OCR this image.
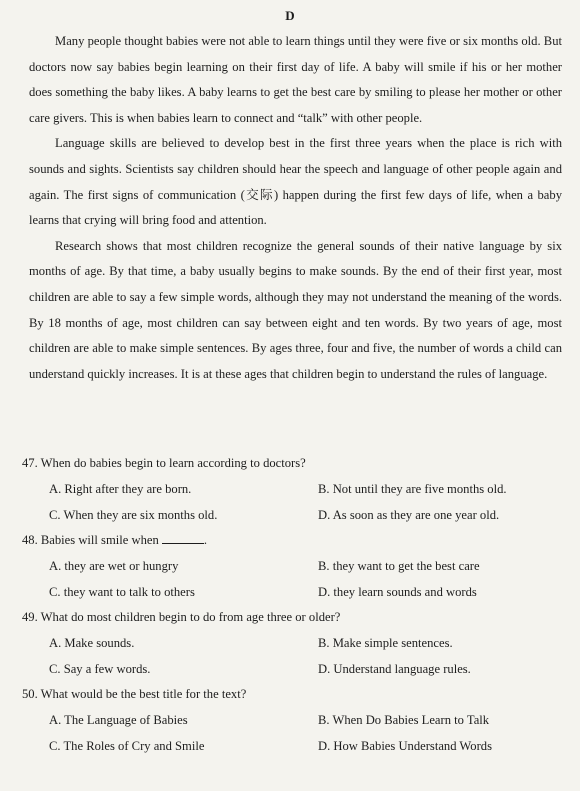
D

Many people thought babies were not able to learn things until they were five or six months old. But doctors now say babies begin learning on their first day of life. A baby will smile if his or her mother does something the baby likes. A baby learns to get the best care by smiling to please her mother or other care givers. This is when babies learn to connect and “talk” with other people.

Language skills are believed to develop best in the first three years when the place is rich with sounds and sights. Scientists say children should hear the speech and language of other people again and again. The first signs of communication (交际) happen during the first few days of life, when a baby learns that crying will bring food and attention.

Research shows that most children recognize the general sounds of their native language by six months of age. By that time, a baby usually begins to make sounds. By the end of their first year, most children are able to say a few simple words, although they may not understand the meaning of the words. By 18 months of age, most children can say between eight and ten words. By two years of age, most children are able to make simple sentences. By ages three, four and five, the number of words a child can understand quickly increases. It is at these ages that children begin to understand the rules of language.

47. When do babies begin to learn according to doctors?
A. Right after they are born.	B. Not until they are five months old.
C. When they are six months old.	D. As soon as they are one year old.
48. Babies will smile when	.
A. they are wet or hungry	B. they want to get the best care
C. they want to talk to others	D. they learn sounds and words
49. What do most children begin to do from age three or older?
A. Make sounds.	B. Make simple sentences.
C. Say a few words.	D. Understand language rules.
50. What would be the best title for the text?
A. The Language of Babies	B. When Do Babies Learn to Talk
C. The Roles of Cry and Smile	D. How Babies Understand Words
